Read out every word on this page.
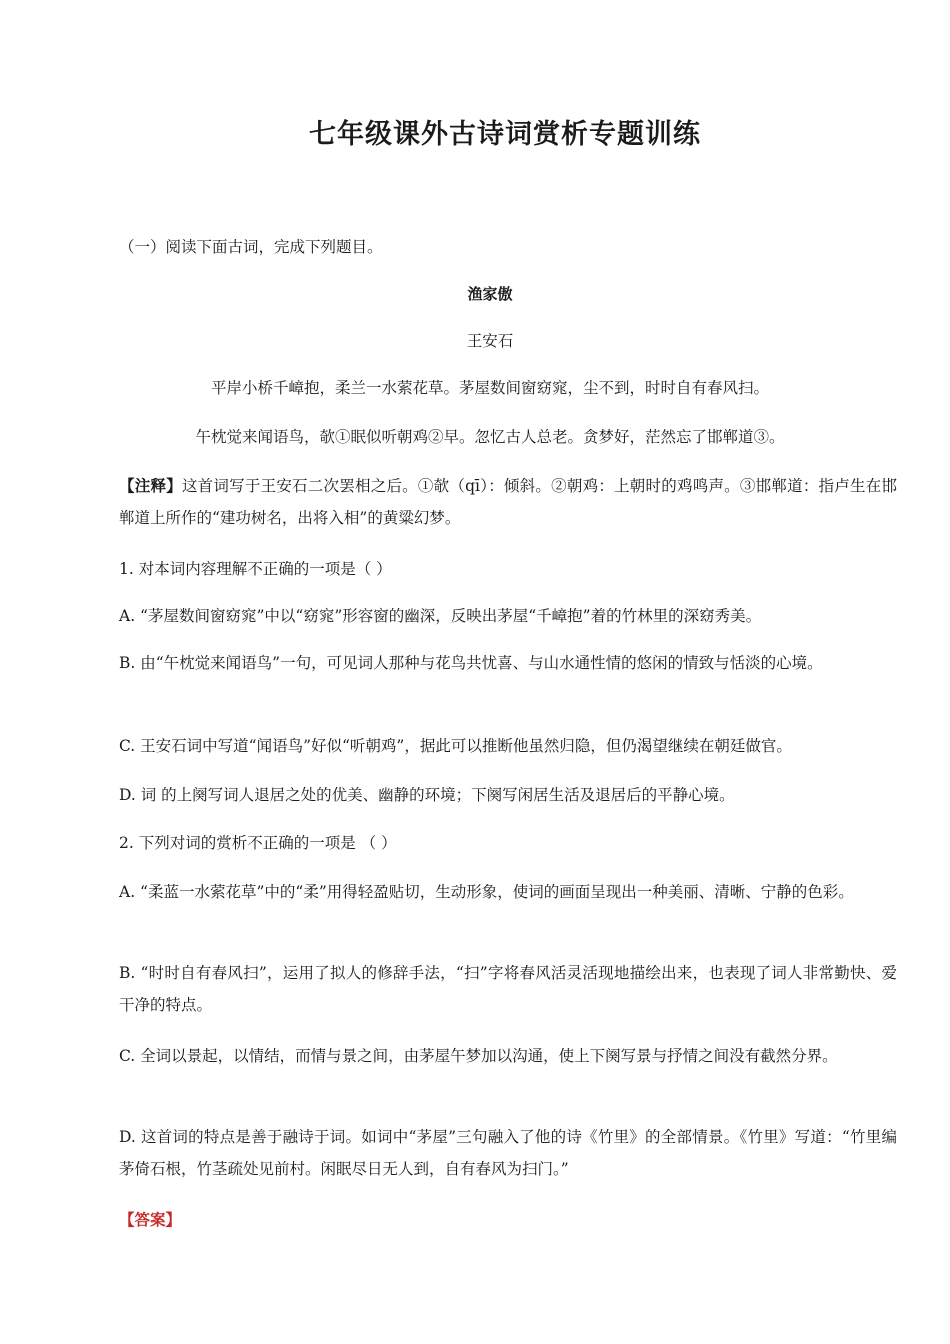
七年级课外古诗词赏析专题训练
（一）阅读下面古词，完成下列题目。
渔家傲
王安石
平岸小桥千嶂抱，柔兰一水萦花草。茅屋数间窗窈窕，尘不到，时时自有春风扫。
午枕觉来闻语鸟，欹①眠似听朝鸡②早。忽忆古人总老。贪梦好，茫然忘了邯郸道③。
【注释】这首词写于王安石二次罢相之后。①欹（qī）：倾斜。②朝鸡：上朝时的鸡鸣声。③邯郸道：指卢生在邯郸道上所作的“建功树名，出将入相”的黄粱幻梦。
1. 对本词内容理解不正确的一项是（ ）
A. “茅屋数间窗窈窕”中以“窈窕”形容窗的幽深，反映出茅屋“千嶂抱”着的竹林里的深窈秀美。
B. 由“午枕觉来闻语鸟”一句，可见词人那种与花鸟共忧喜、与山水通性情的悠闲的情致与恬淡的心境。
C. 王安石词中写道“闻语鸟”好似“听朝鸡”，据此可以推断他虽然归隐，但仍渴望继续在朝廷做官。
D. 词 的上阕写词人退居之处的优美、幽静的环境；下阕写闲居生活及退居后的平静心境。
2. 下列对词的赏析不正确的一项是 （ ）
A. “柔蓝一水萦花草”中的“柔”用得轻盈贴切，生动形象，使词的画面呈现出一种美丽、清晰、宁静的色彩。
B. “时时自有春风扫”，运用了拟人的修辞手法，“扫”字将春风活灵活现地描绘出来，也表现了词人非常勤快、爱干净的特点。
C. 全词以景起，以情结，而情与景之间，由茅屋午梦加以沟通，使上下阕写景与抒情之间没有截然分界。
D. 这首词的特点是善于融诗于词。如词中“茅屋”三句融入了他的诗《竹里》的全部情景。《竹里》写道：“竹里编茅倚石根，竹茎疏处见前村。闲眠尽日无人到，自有春风为扫门。”
【答案】
